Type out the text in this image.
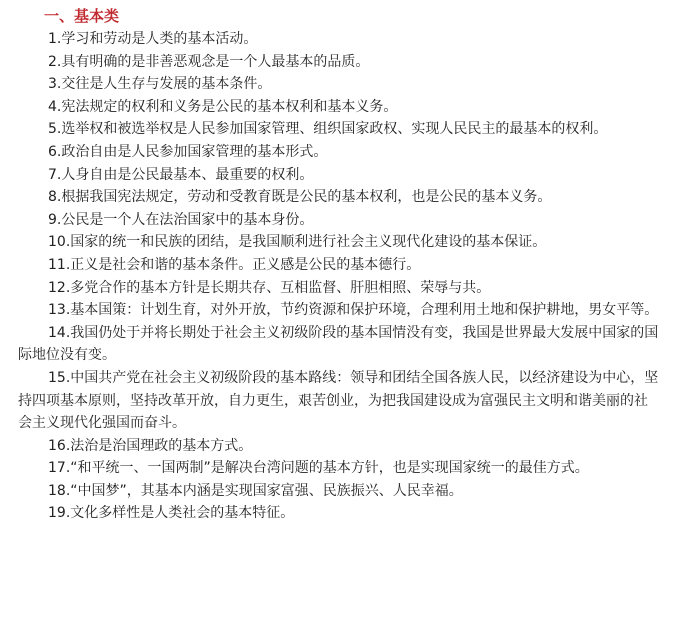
一、基本类
1.学习和劳动是人类的基本活动。
2.具有明确的是非善恶观念是一个人最基本的品质。
3.交往是人生存与发展的基本条件。
4.宪法规定的权利和义务是公民的基本权利和基本义务。
5.选举权和被选举权是人民参加国家管理、组织国家政权、实现人民民主的最基本的权利。
6.政治自由是人民参加国家管理的基本形式。
7.人身自由是公民最基本、最重要的权利。
8.根据我国宪法规定，劳动和受教育既是公民的基本权利，也是公民的基本义务。
9.公民是一个人在法治国家中的基本身份。
10.国家的统一和民族的团结，是我国顺利进行社会主义现代化建设的基本保证。
11.正义是社会和谐的基本条件。正义感是公民的基本德行。
12.多党合作的基本方针是长期共存、互相监督、肝胆相照、荣辱与共。
13.基本国策：计划生育，对外开放，节约资源和保护环境，合理利用土地和保护耕地，男女平等。
14.我国仍处于并将长期处于社会主义初级阶段的基本国情没有变，我国是世界最大发展中国家的国际地位没有变。
15.中国共产党在社会主义初级阶段的基本路线：领导和团结全国各族人民，以经济建设为中心，坚持四项基本原则，坚持改革开放，自力更生，艰苦创业，为把我国建设成为富强民主文明和谐美丽的社会主义现代化强国而奋斗。
16.法治是治国理政的基本方式。
17.“和平统一、一国两制”是解决台湾问题的基本方针，也是实现国家统一的最佳方式。
18.“中国梦”，其基本内涵是实现国家富强、民族振兴、人民幸福。
19.文化多样性是人类社会的基本特征。
